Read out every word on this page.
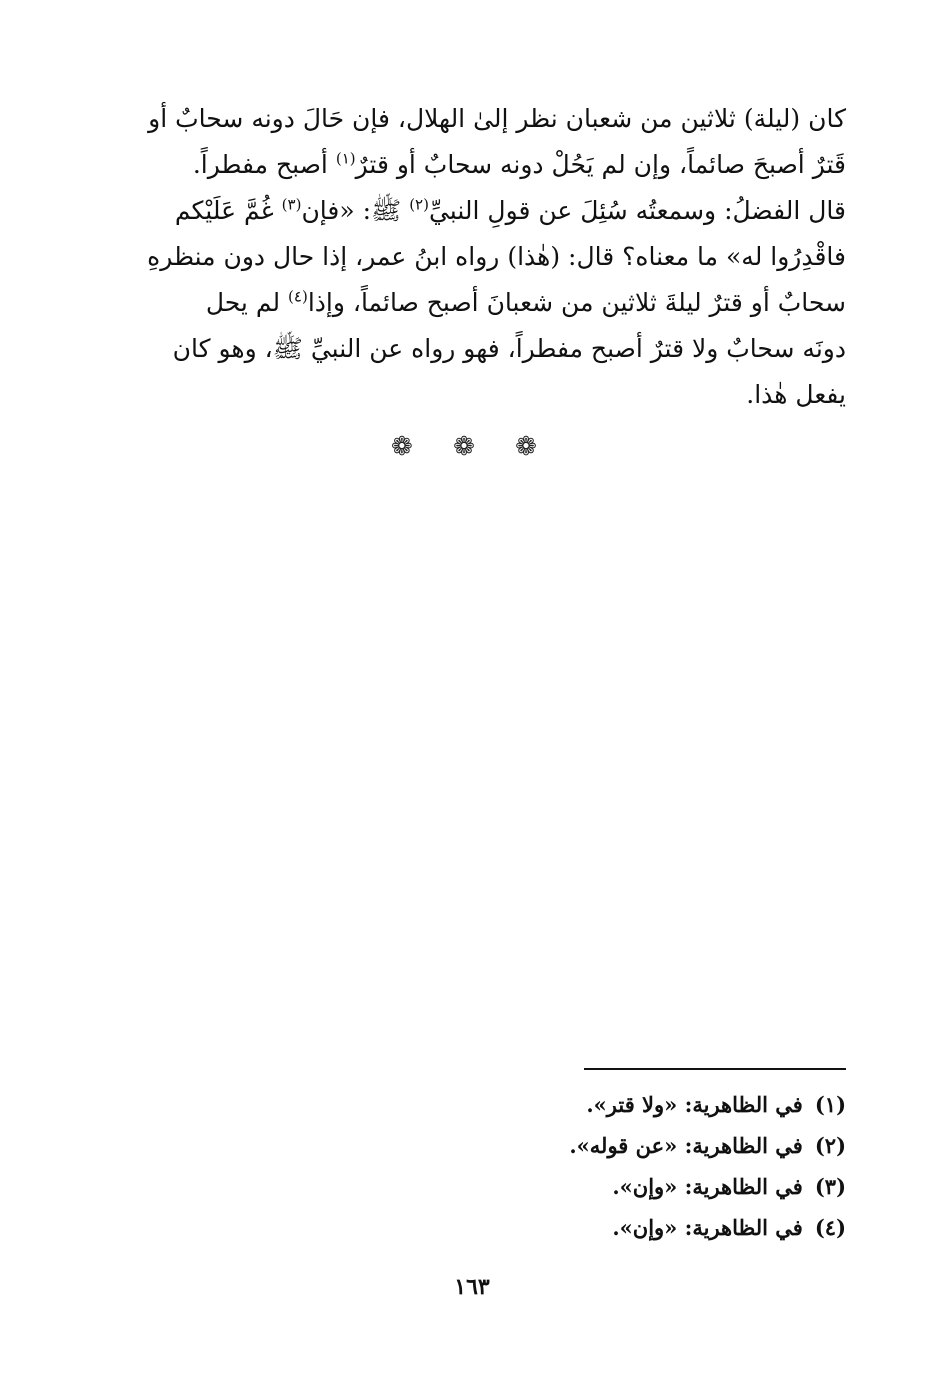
كان (ليلة) ثلاثين من شعبان نظر إلىٰ الهلال، فإن حَالَ دونه سحابٌ أو
قَترٌ أصبحَ صائماً، وإن لم يَحُلْ دونه سحابٌ أو قترٌ$^{(١)}$ أصبح مفطراً.
قال الفضلُ: وسمعتُه سُئِلَ عن قولِ النبيِّ$^{(٢)}$ ﷺ: «فإن$^{(٣)}$ غُمَّ عَلَيْكم
فاقْدِرُوا له» ما معناه؟ قال: (هٰذا) رواه ابنُ عمر، إذا حال دون منظرهِ
سحابٌ أو قترٌ ليلةَ ثلاثين من شعبانَ أصبح صائماً، وإذا$^{(٤)}$ لم يحل
دونَه سحابٌ ولا قترٌ أصبح مفطراً، فهو رواه عن النبيِّ ﷺ، وهو كان
يفعل هٰذا.
❁ ❁ ❁
(١)في الظاهرية: «ولا قتر».
(٢)في الظاهرية: «عن قوله».
(٣)في الظاهرية: «وإن».
(٤)في الظاهرية: «وإن».
١٦٣
